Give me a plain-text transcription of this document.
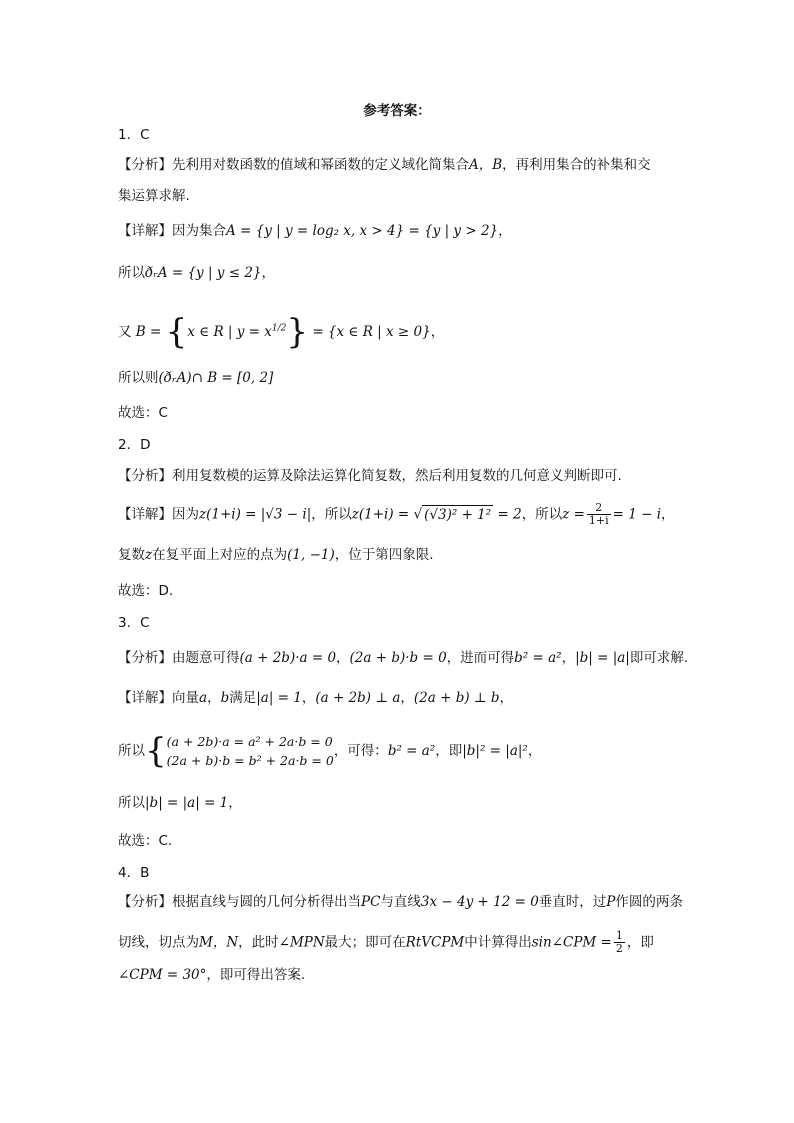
参考答案：
1．C
【分析】先利用对数函数的值域和幂函数的定义域化简集合A，B，再利用集合的补集和交
集运算求解.
【详解】因为集合A = {y | y = log₂ x, x > 4} = {y | y > 2}，
所以ðᵣA = {y | y ≤ 2}，
又 B = {x ∈ R | $y = x^{1/2}\} = \{x$ ∈ R | x ≥ 0}，
所以则(ðᵣA)∩ B = [0, 2]
故选：C
2．D
【分析】利用复数模的运算及除法运算化简复数，然后利用复数的几何意义判断即可.
【详解】因为z(1+i) = |√3 − i|，所以z(1+i) = √ (√3)² + 1² = 2，所以$z = \frac{2}{1+i} = 1 - i$，
复数z在复平面上对应的点为(1, −1)，位于第四象限.
故选：D.
3．C
【分析】由题意可得(a + 2b)·a = 0，(2a + b)·b = 0，进而可得b² = a²，|b| = |a|即可求解.
【详解】向量a，b满足|a| = 1，(a + 2b) ⊥ a，(2a + b) ⊥ b，
所以{(a + 2b)·a = a² + 2a·b = 0
(2a + b)·b = b² + 2a·b = 0，可得：b² = a²，即|b|² = |a|²，
所以|b| = |a| = 1，
故选：C.
4．B
【分析】根据直线与圆的几何分析得出当PC与直线3x − 4y + 12 = 0垂直时，过P作圆的两条
切线，切点为M，N，此时∠MPN最大；即可在RtVCPM中计算得出sin∠CPM = $\frac{1}{2}$ ，即
∠CPM = 30°，即可得出答案.
